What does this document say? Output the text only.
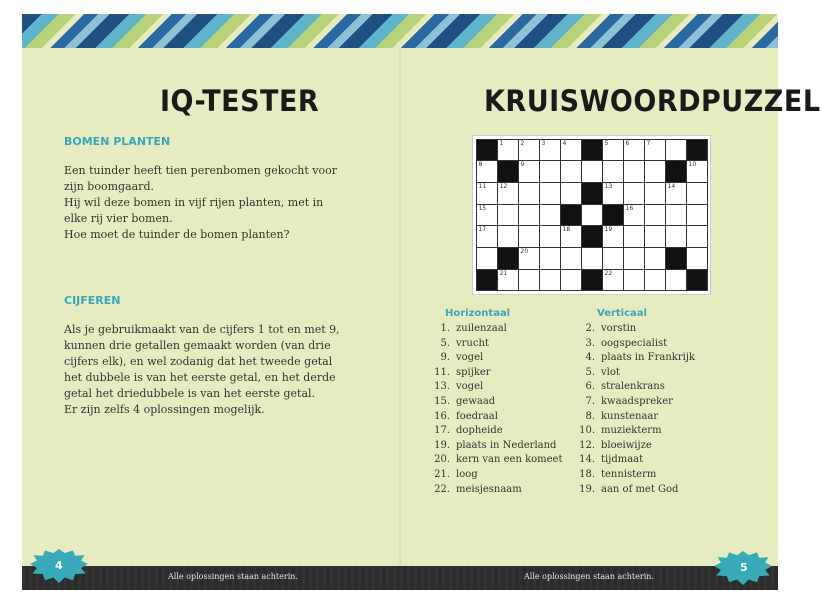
IQ-TESTER
BOMEN PLANTEN
Een tuinder heeft tien perenbomen gekocht voor
zijn boomgaard.
Hij wil deze bomen in vijf rijen planten, met in
elke rij vier bomen.
Hoe moet de tuinder de bomen planten?
CIJFEREN
Als je gebruikmaakt van de cijfers 1 tot en met 9,
kunnen drie getallen gemaakt worden (van drie
cijfers elk), en wel zodanig dat het tweede getal
het dubbele is van het eerste getal, en het derde
getal het driedubbele is van het eerste getal.
Er zijn zelfs 4 oplossingen mogelijk.
KRUISWOORDPUZZEL
1	2	3	4	5	6	7
8	9	10
11 12	13	14
15	16
17	18	19
20
21	22
Horizontaal
1. zuilenzaal
5. vrucht
9. vogel
11. spijker
13. vogel
15. gewaad
16. foedraal
17. dopheide
19. plaats in Nederland
20. kern van een komeet
21. loog
22. meisjesnaam
Verticaal
2. vorstin
3. oogspecialist
4. plaats in Frankrijk
5. vlot
6. stralenkrans
7. kwaadspreker
8. kunstenaar
10. muziekterm
12. bloeiwijze
14. tijdmaat
18. tennisterm
19. aan of met God
Alle oplossingen staan achterin.	Alle oplossingen staan achterin.
4	5
